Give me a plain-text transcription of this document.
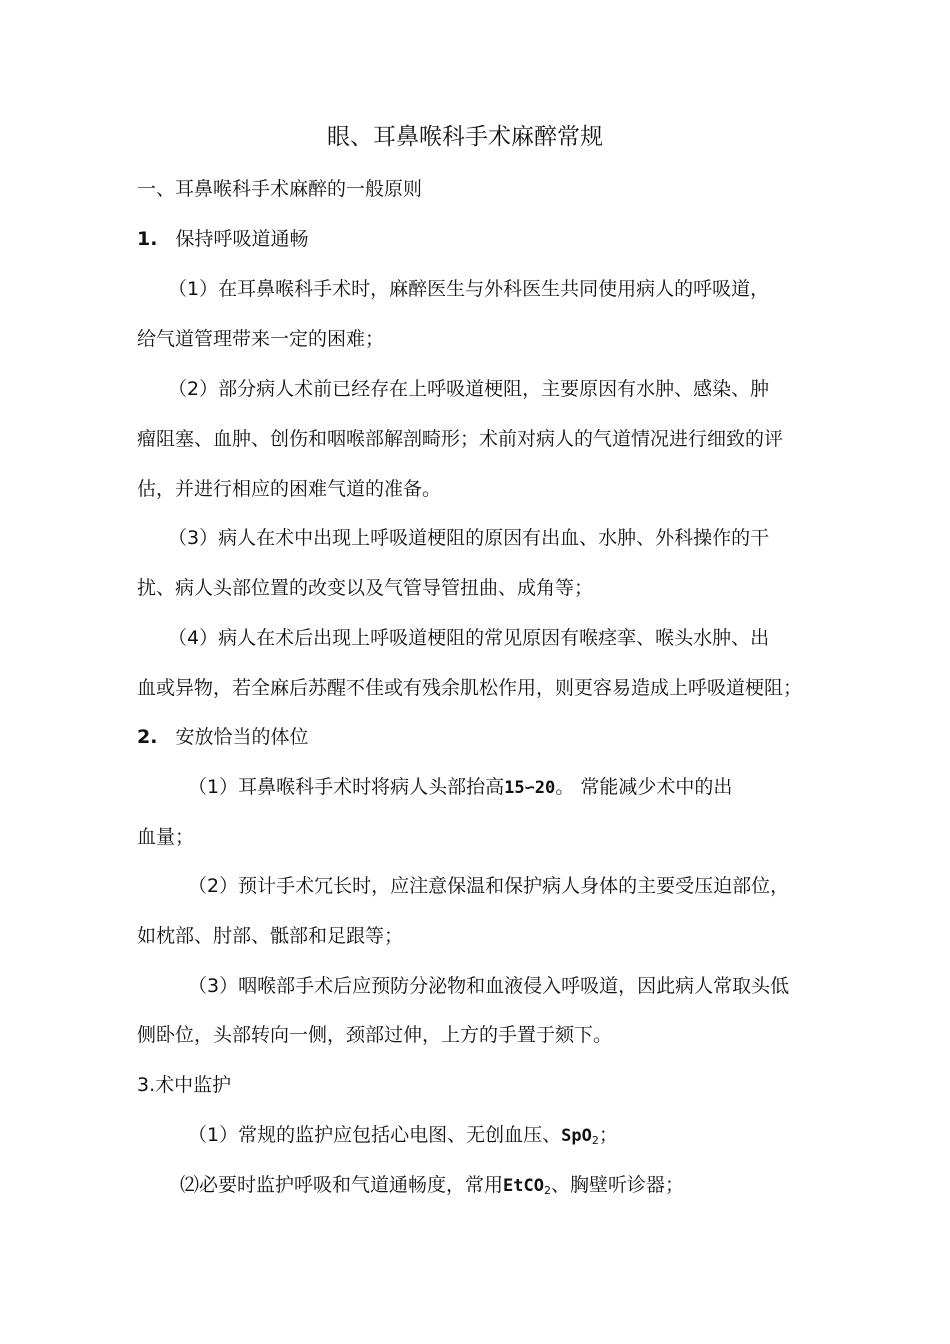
眼、耳鼻喉科手术麻醉常规
一、耳鼻喉科手术麻醉的一般原则
1. 保持呼吸道通畅
（1）在耳鼻喉科手术时，麻醉医生与外科医生共同使用病人的呼吸道，
给气道管理带来一定的困难；
（2）部分病人术前已经存在上呼吸道梗阻，主要原因有水肿、感染、肿
瘤阻塞、血肿、创伤和咽喉部解剖畸形；术前对病人的气道情况进行细致的评
估，并进行相应的困难气道的准备。
（3）病人在术中出现上呼吸道梗阻的原因有出血、水肿、外科操作的干
扰、病人头部位置的改变以及气管导管扭曲、成角等；
（4）病人在术后出现上呼吸道梗阻的常见原因有喉痉挛、喉头水肿、出
血或异物，若全麻后苏醒不佳或有残余肌松作用，则更容易造成上呼吸道梗阻；
2. 安放恰当的体位
（1）耳鼻喉科手术时将病人头部抬高15∽20。 常能减少术中的出
血量；
（2）预计手术冗长时，应注意保温和保护病人身体的主要受压迫部位，
如枕部、肘部、骶部和足跟等；
（3）咽喉部手术后应预防分泌物和血液侵入呼吸道，因此病人常取头低
侧卧位，头部转向一侧，颈部过伸，上方的手置于颏下。
3.术中监护
（1）常规的监护应包括心电图、无创血压、SpO$_2$；
⑵必要时监护呼吸和气道通畅度，常用EtCO$_2$、胸壁听诊器；
